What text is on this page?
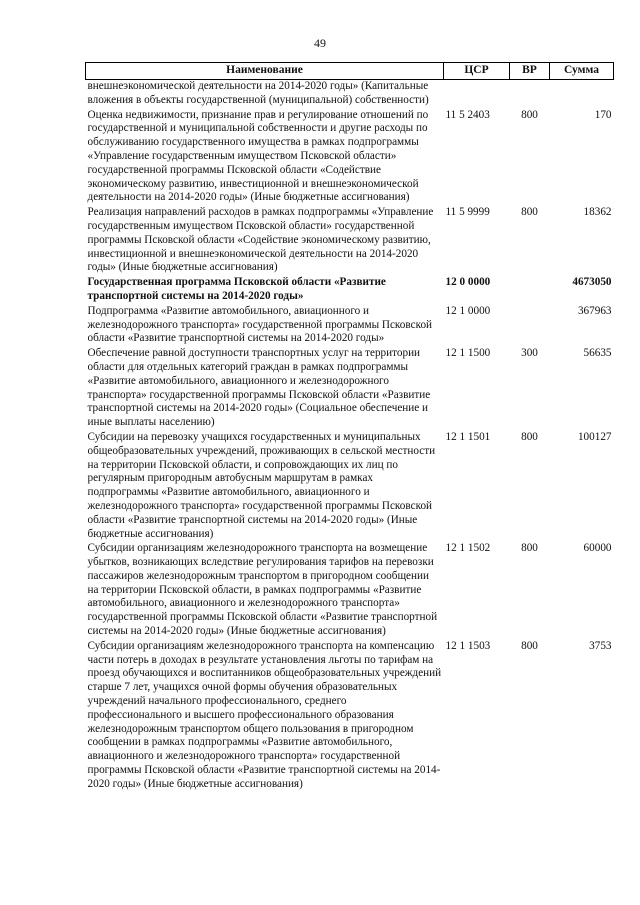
49
Наименование	ЦСР	ВР	Сумма
внешнеэкономической деятельности на 2014-2020 годы» (Капитальные вложения в объекты государственной (муниципальной) собственности)			
Оценка недвижимости, признание прав и регулирование отношений по государственной и муниципальной собственности и другие расходы по обслуживанию государственного имущества в рамках подпрограммы «Управление государственным имуществом Псковской области» государственной программы Псковской области «Содействие экономическому развитию, инвестиционной и внешнеэкономической деятельности на 2014-2020 годы» (Иные бюджетные ассигнования)	11 5 2403	800	170
Реализация направлений расходов в рамках подпрограммы «Управление государственным имуществом Псковской области» государственной программы Псковской области «Содействие экономическому развитию, инвестиционной и внешнеэкономической деятельности на 2014-2020 годы» (Иные бюджетные ассигнования)	11 5 9999	800	18362
Государственная программа Псковской области «Развитие транспортной системы на 2014-2020 годы»	12 0 0000		4673050
Подпрограмма «Развитие автомобильного, авиационного и железнодорожного транспорта» государственной программы Псковской области «Развитие транспортной системы на 2014-2020 годы»	12 1 0000		367963
Обеспечение равной доступности транспортных услуг на территории области для отдельных категорий граждан в рамках подпрограммы «Развитие автомобильного, авиационного и железнодорожного транспорта» государственной программы Псковской области «Развитие транспортной системы на 2014-2020 годы» (Социальное обеспечение и иные выплаты населению)	12 1 1500	300	56635
Субсидии на перевозку учащихся государственных и муниципальных общеобразовательных учреждений, проживающих в сельской местности на территории Псковской области, и сопровождающих их лиц по регулярным пригородным автобусным маршрутам в рамках подпрограммы «Развитие автомобильного, авиационного и железнодорожного транспорта» государственной программы Псковской области «Развитие транспортной системы на 2014-2020 годы» (Иные бюджетные ассигнования)	12 1 1501	800	100127
Субсидии организациям железнодорожного транспорта на возмещение убытков, возникающих вследствие регулирования тарифов на перевозки пассажиров железнодорожным транспортом в пригородном сообщении на территории Псковской области, в рамках подпрограммы «Развитие автомобильного, авиационного и железнодорожного транспорта» государственной программы Псковской области «Развитие транспортной системы на 2014-2020 годы» (Иные бюджетные ассигнования)	12 1 1502	800	60000
Субсидии организациям железнодорожного транспорта на компенсацию части потерь в доходах в результате установления льготы по тарифам на проезд обучающихся и воспитанников общеобразовательных учреждений старше 7 лет, учащихся очной формы обучения образовательных учреждений начального профессионального, среднего профессионального и высшего профессионального образования железнодорожным транспортом общего пользования в пригородном сообщении в рамках подпрограммы «Развитие автомобильного, авиационного и железнодорожного транспорта» государственной программы Псковской области «Развитие транспортной системы на 2014-2020 годы» (Иные бюджетные ассигнования)	12 1 1503	800	3753
